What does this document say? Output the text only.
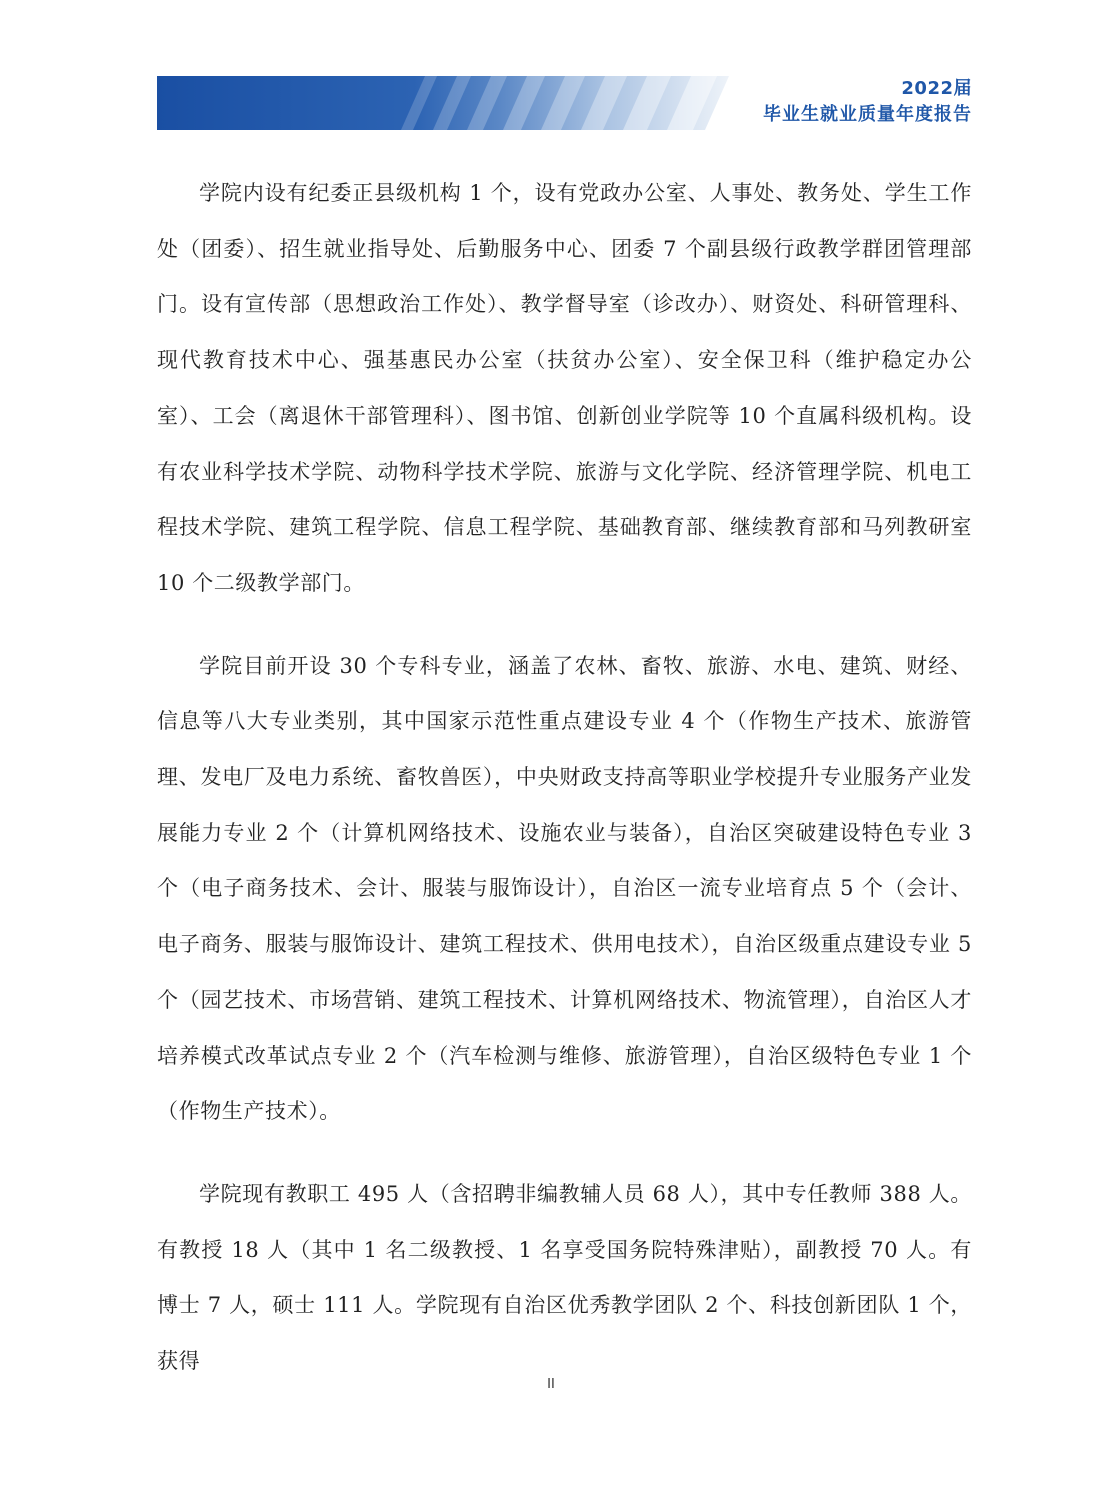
2022届
毕业生就业质量年度报告

学院内设有纪委正县级机构 1 个，设有党政办公室、人事处、教务处、学生工作处（团委）、招生就业指导处、后勤服务中心、团委 7 个副县级行政教学群团管理部门。设有宣传部（思想政治工作处）、教学督导室（诊改办）、财资处、科研管理科、现代教育技术中心、强基惠民办公室（扶贫办公室）、安全保卫科（维护稳定办公室）、工会（离退休干部管理科）、图书馆、创新创业学院等 10 个直属科级机构。设有农业科学技术学院、动物科学技术学院、旅游与文化学院、经济管理学院、机电工程技术学院、建筑工程学院、信息工程学院、基础教育部、继续教育部和马列教研室 10 个二级教学部门。

学院目前开设 30 个专科专业，涵盖了农林、畜牧、旅游、水电、建筑、财经、信息等八大专业类别，其中国家示范性重点建设专业 4 个（作物生产技术、旅游管理、发电厂及电力系统、畜牧兽医），中央财政支持高等职业学校提升专业服务产业发展能力专业 2 个（计算机网络技术、设施农业与装备），自治区突破建设特色专业 3 个（电子商务技术、会计、服装与服饰设计），自治区一流专业培育点 5 个（会计、电子商务、服装与服饰设计、建筑工程技术、供用电技术），自治区级重点建设专业 5 个（园艺技术、市场营销、建筑工程技术、计算机网络技术、物流管理），自治区人才培养模式改革试点专业 2 个（汽车检测与维修、旅游管理），自治区级特色专业 1 个（作物生产技术）。

学院现有教职工 495 人（含招聘非编教辅人员 68 人），其中专任教师 388 人。有教授 18 人（其中 1 名二级教授、1 名享受国务院特殊津贴），副教授 70 人。有博士 7 人，硕士 111 人。学院现有自治区优秀教学团队 2 个、科技创新团队 1 个，获得

II
